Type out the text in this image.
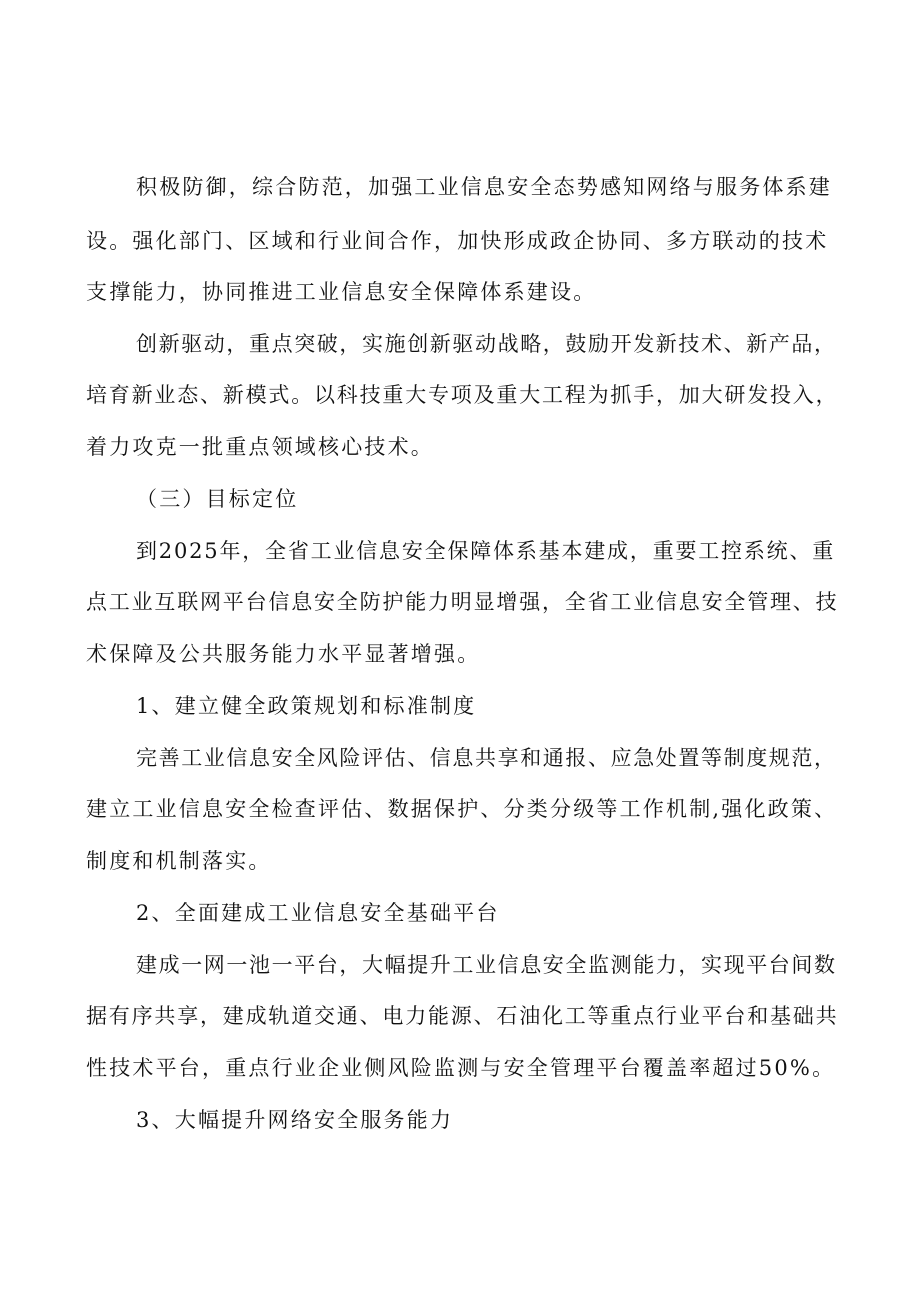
积极防御，综合防范，加强工业信息安全态势感知网络与服务体系建
设。强化部门、区域和行业间合作，加快形成政企协同、多方联动的技术
支撑能力，协同推进工业信息安全保障体系建设。
创新驱动，重点突破，实施创新驱动战略，鼓励开发新技术、新产品，
培育新业态、新模式。以科技重大专项及重大工程为抓手，加大研发投入，
着力攻克一批重点领域核心技术。
（三）目标定位
到2025年，全省工业信息安全保障体系基本建成，重要工控系统、重
点工业互联网平台信息安全防护能力明显增强，全省工业信息安全管理、技
术保障及公共服务能力水平显著增强。
1、建立健全政策规划和标准制度
完善工业信息安全风险评估、信息共享和通报、应急处置等制度规范，
建立工业信息安全检查评估、数据保护、分类分级等工作机制,强化政策、
制度和机制落实。
2、全面建成工业信息安全基础平台
建成一网一池一平台，大幅提升工业信息安全监测能力，实现平台间数
据有序共享，建成轨道交通、电力能源、石油化工等重点行业平台和基础共
性技术平台，重点行业企业侧风险监测与安全管理平台覆盖率超过50%。
3、大幅提升网络安全服务能力
